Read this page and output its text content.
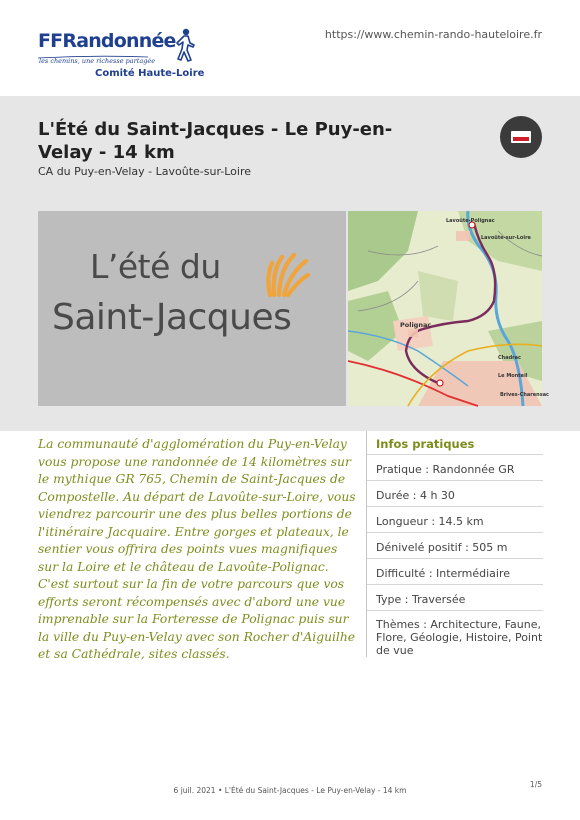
FFRandonnée
les chemins, une richesse partagée
Comité Haute-Loire
https://www.chemin-rando-hauteloire.fr
L'Été du Saint-Jacques - Le Puy-en-Velay - 14 km
CA du Puy-en-Velay - Lavoûte-sur-Loire
L’été du
Saint-Jacques
Lavoûte-Polignac
Lavoûte-sur-Loire
Polignac
Chadrac
Le Monteil
Brives-Charensac

La communauté d'agglomération du Puy-en-Velay vous propose une randonnée de 14 kilomètres sur le mythique GR 765, Chemin de Saint-Jacques de Compostelle. Au départ de Lavoûte-sur-Loire, vous viendrez parcourir une des plus belles portions de l'itinéraire Jacquaire. Entre gorges et plateaux, le sentier vous offrira des points vues magnifiques sur la Loire et le château de Lavoûte-Polignac. C'est surtout sur la fin de votre parcours que vos efforts seront récompensés avec d'abord une vue imprenable sur la Forteresse de Polignac puis sur la ville du Puy-en-Velay avec son Rocher d'Aiguilhe et sa Cathédrale, sites classés.

Infos pratiques
Pratique : Randonnée GR
Durée : 4 h 30
Longueur : 14.5 km
Dénivelé positif : 505 m
Difficulté : Intermédiaire
Type : Traversée
Thèmes : Architecture, Faune, Flore, Géologie, Histoire, Point de vue
6 juil. 2021 • L'Été du Saint-Jacques - Le Puy-en-Velay - 14 km
1/5
